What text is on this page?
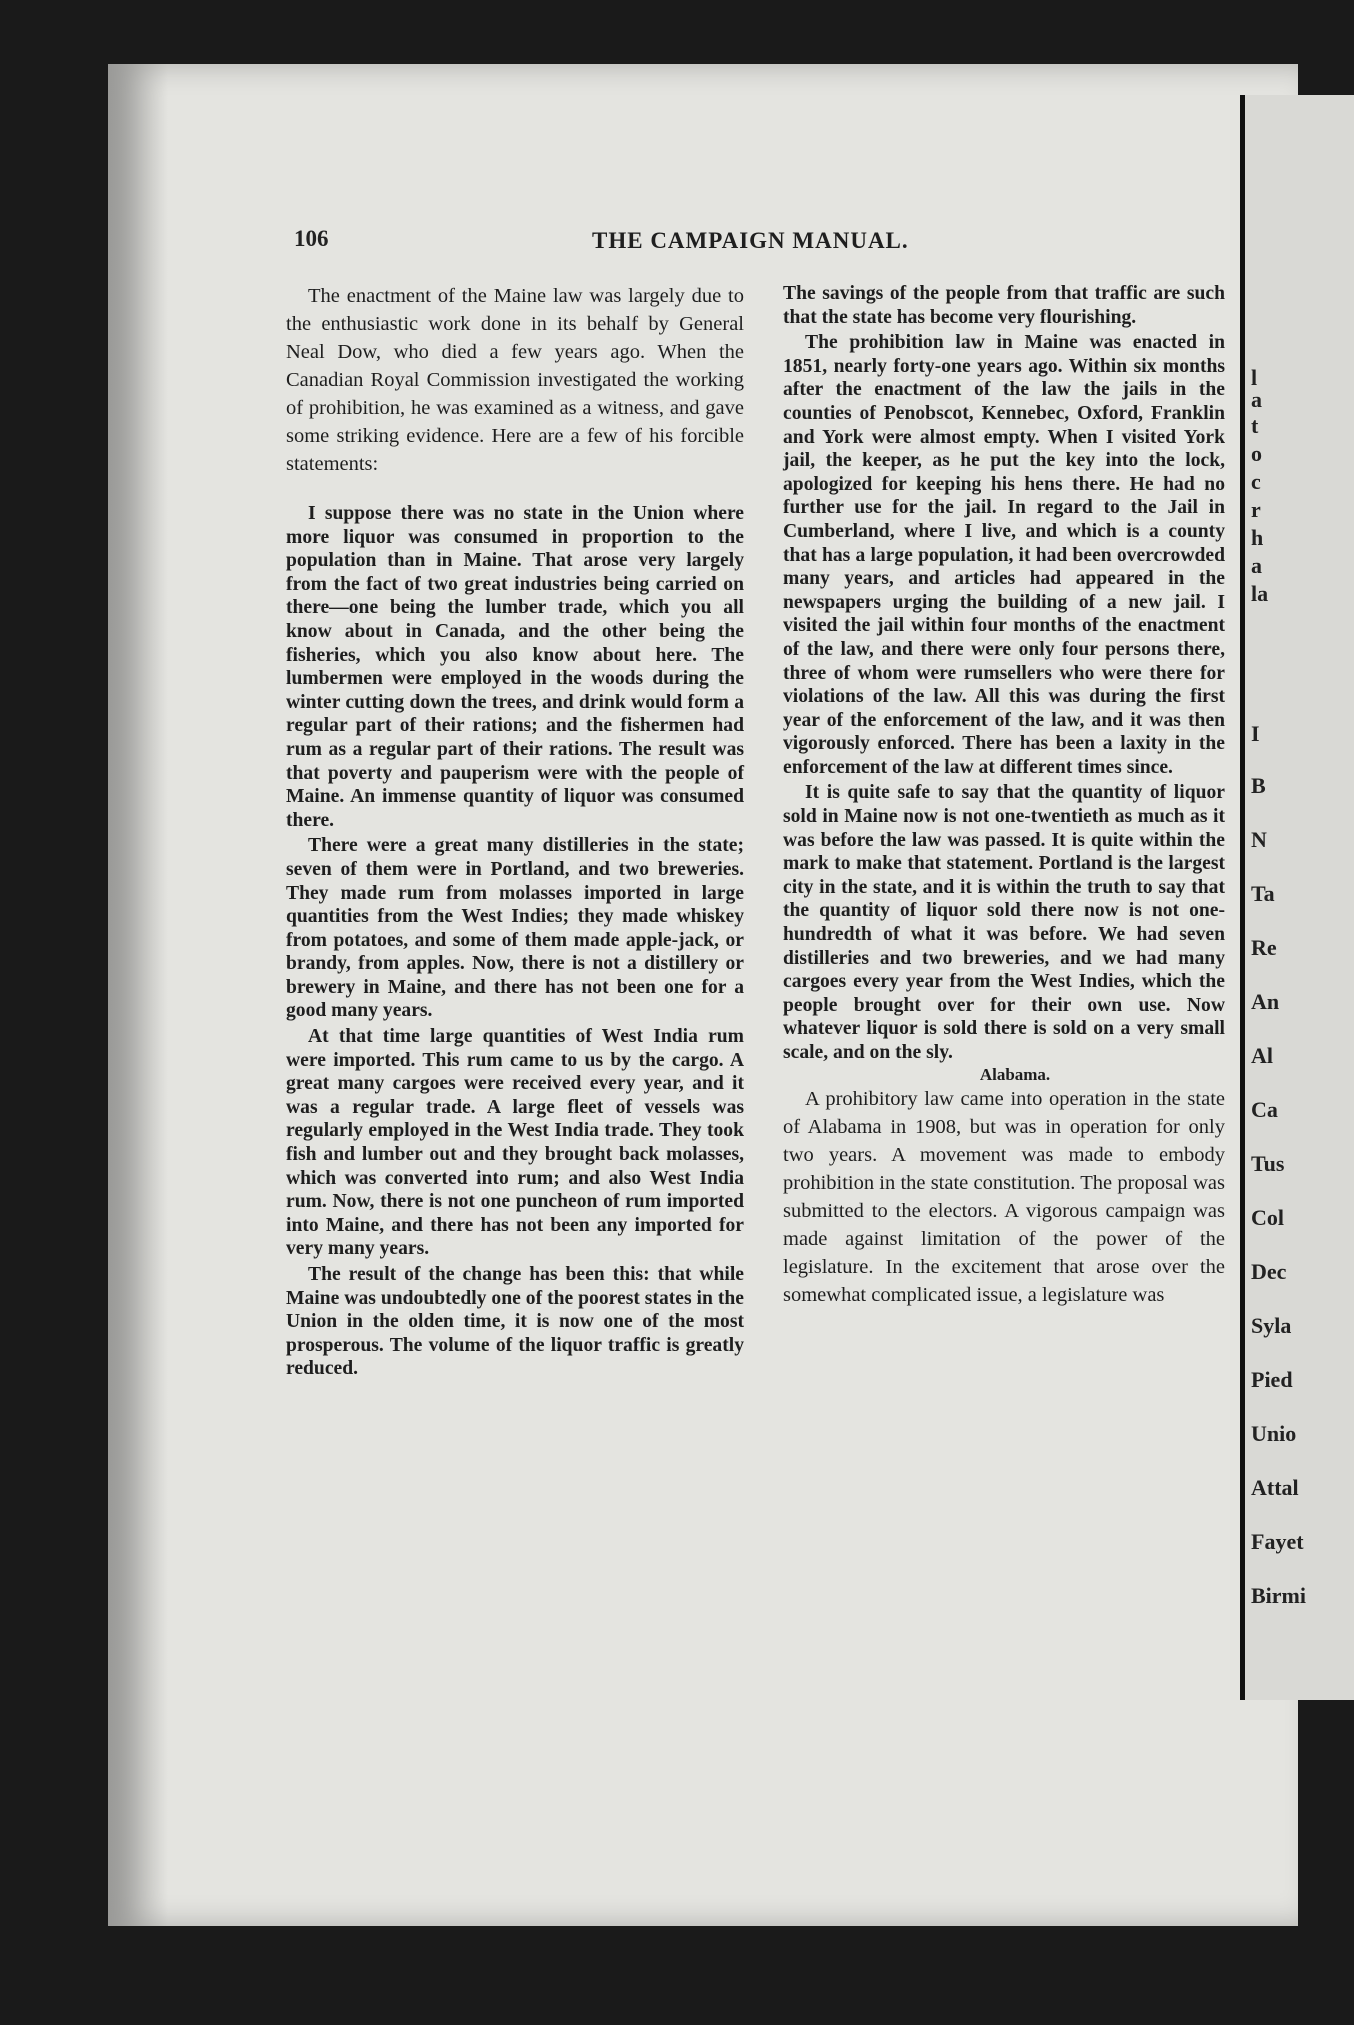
l
a
t
o
c
r
h
a
la
I
B
N
Ta
Re
An
Al
Ca
Tus
Col
Dec
Syla
Pied
Unio
Attal
Fayet
Birmi
106	THE CAMPAIGN MANUAL.

The enactment of the Maine law was largely due to the enthusiastic work done in its behalf by General Neal Dow, who died a few years ago. When the Canadian Royal Commission investigated the working of prohibition, he was examined as a witness, and gave some striking evidence. Here are a few of his forcible statements:

I suppose there was no state in the Union where more liquor was consumed in proportion to the population than in Maine. That arose very largely from the fact of two great industries being carried on there—one being the lumber trade, which you all know about in Canada, and the other being the fisheries, which you also know about here. The lumbermen were employed in the woods during the winter cutting down the trees, and drink would form a regular part of their rations; and the fishermen had rum as a regular part of their rations. The result was that poverty and pauperism were with the people of Maine. An immense quantity of liquor was consumed there.

There were a great many distilleries in the state; seven of them were in Portland, and two breweries. They made rum from molasses imported in large quantities from the West Indies; they made whiskey from potatoes, and some of them made apple-jack, or brandy, from apples. Now, there is not a distillery or brewery in Maine, and there has not been one for a good many years.

At that time large quantities of West India rum were imported. This rum came to us by the cargo. A great many cargoes were received every year, and it was a regular trade. A large fleet of vessels was regularly employed in the West India trade. They took fish and lumber out and they brought back molasses, which was converted into rum; and also West India rum. Now, there is not one puncheon of rum imported into Maine, and there has not been any imported for very many years.

The result of the change has been this: that while Maine was undoubtedly one of the poorest states in the Union in the olden time, it is now one of the most prosperous. The volume of the liquor traffic is greatly reduced.

The savings of the people from that traffic are such that the state has become very flourishing.

The prohibition law in Maine was enacted in 1851, nearly forty-one years ago. Within six months after the enactment of the law the jails in the counties of Penobscot, Kennebec, Oxford, Franklin and York were almost empty. When I visited York jail, the keeper, as he put the key into the lock, apologized for keeping his hens there. He had no further use for the jail. In regard to the Jail in Cumberland, where I live, and which is a county that has a large population, it had been overcrowded many years, and articles had appeared in the newspapers urging the building of a new jail. I visited the jail within four months of the enactment of the law, and there were only four persons there, three of whom were rumsellers who were there for violations of the law. All this was during the first year of the enforcement of the law, and it was then vigorously enforced. There has been a laxity in the enforcement of the law at different times since.

It is quite safe to say that the quantity of liquor sold in Maine now is not one-twentieth as much as it was before the law was passed. It is quite within the mark to make that statement. Portland is the largest city in the state, and it is within the truth to say that the quantity of liquor sold there now is not one-hundredth of what it was before. We had seven distilleries and two breweries, and we had many cargoes every year from the West Indies, which the people brought over for their own use. Now whatever liquor is sold there is sold on a very small scale, and on the sly.

Alabama.

A prohibitory law came into operation in the state of Alabama in 1908, but was in operation for only two years. A movement was made to embody prohibition in the state constitution. The proposal was submitted to the electors. A vigorous campaign was made against limitation of the power of the legislature. In the excitement that arose over the somewhat complicated issue, a legislature was
